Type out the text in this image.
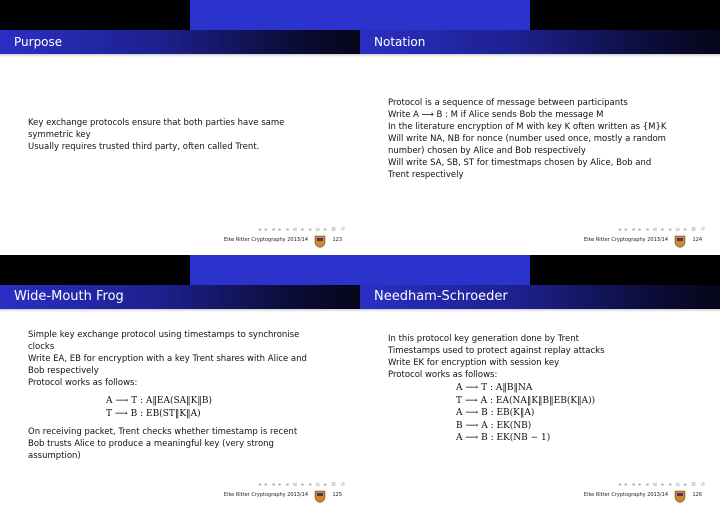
Purpose

Key exchange protocols ensure that both parties have same

symmetric key

Usually requires trusted third party, often called Trent.

◂ ▸ ◂ ▸ ◂ ≡ ▸ ◂ ≡ ▸ ≣ ↺
Eike Ritter Cryptography 2013/14	123
Notation

Protocol is a sequence of message between participants

Write A ⟶ B : M if Alice sends Bob the message M

In the literature encryption of M with key K often written as {M}K

Will write NA, NB for nonce (number used once, mostly a random

number) chosen by Alice and Bob respectively

Will write SA, SB, ST for timestmaps chosen by Alice, Bob and

Trent respectively

◂ ▸ ◂ ▸ ◂ ≡ ▸ ◂ ≡ ▸ ≣ ↺
Eike Ritter Cryptography 2013/14	124
Wide-Mouth Frog

Simple key exchange protocol using timestamps to synchronise

clocks

Write EA, EB for encryption with a key Trent shares with Alice and

Bob respectively

Protocol works as follows:

A ⟶ T : A‖EA(SA‖K‖B)
T ⟶ B : EB(ST‖K‖A)

On receiving packet, Trent checks whether timestamp is recent

Bob trusts Alice to produce a meaningful key (very strong

assumption)

◂ ▸ ◂ ▸ ◂ ≡ ▸ ◂ ≡ ▸ ≣ ↺
Eike Ritter Cryptography 2013/14	125
Needham-Schroeder

In this protocol key generation done by Trent

Timestamps used to protect against replay attacks

Write EK for encryption with session key

Protocol works as follows:

A ⟶ T : A‖B‖NA
T ⟶ A : EA(NA‖K‖B‖EB(K‖A))
A ⟶ B : EB(K‖A)
B ⟶ A : EK(NB)
A ⟶ B : EK(NB − 1)
◂ ▸ ◂ ▸ ◂ ≡ ▸ ◂ ≡ ▸ ≣ ↺
Eike Ritter Cryptography 2013/14	126
